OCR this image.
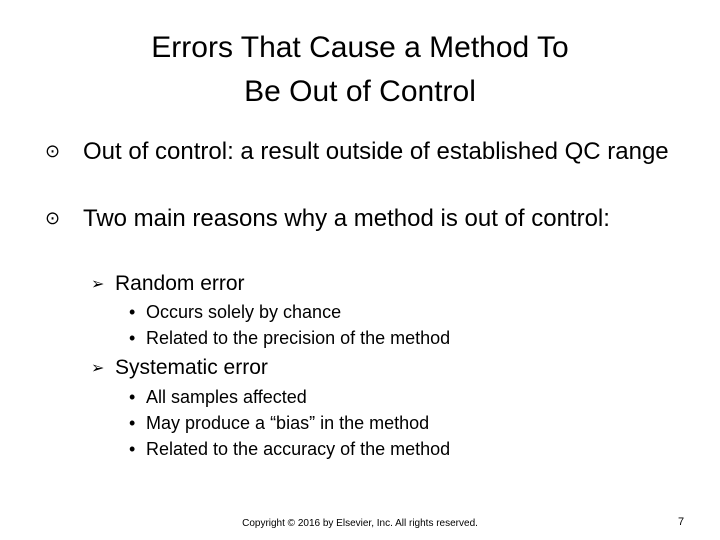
Errors That Cause a Method To
Be Out of Control
⊙ Out of control: a result outside of established QC range
⊙ Two main reasons why a method is out of control:
➢ Random error
• Occurs solely by chance
• Related to the precision of the method
➢ Systematic error
• All samples affected
• May produce a “bias” in the method
• Related to the accuracy of the method
Copyright © 2016 by Elsevier, Inc. All rights reserved.	7
